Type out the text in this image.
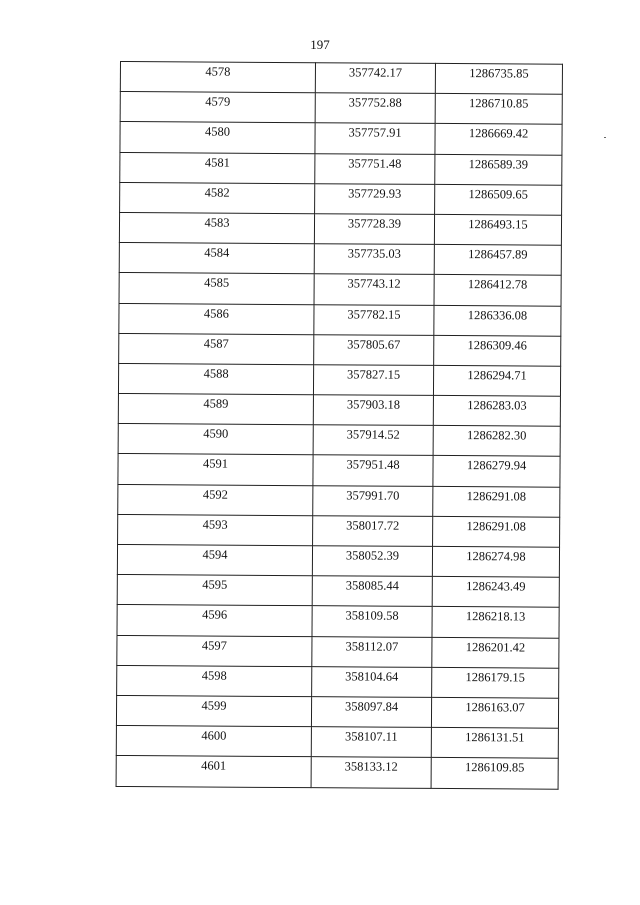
197
4578	357742.17	1286735.85

4579	357752.88	1286710.85

4580	357757.91	1286669.42

4581	357751.48	1286589.39

4582	357729.93	1286509.65

4583	357728.39	1286493.15

4584	357735.03	1286457.89

4585	357743.12	1286412.78

4586	357782.15	1286336.08

4587	357805.67	1286309.46

4588	357827.15	1286294.71

4589	357903.18	1286283.03

4590	357914.52	1286282.30

4591	357951.48	1286279.94

4592	357991.70	1286291.08

4593	358017.72	1286291.08

4594	358052.39	1286274.98

4595	358085.44	1286243.49

4596	358109.58	1286218.13

4597	358112.07	1286201.42

4598	358104.64	1286179.15

4599	358097.84	1286163.07

4600	358107.11	1286131.51

4601	358133.12	1286109.85
